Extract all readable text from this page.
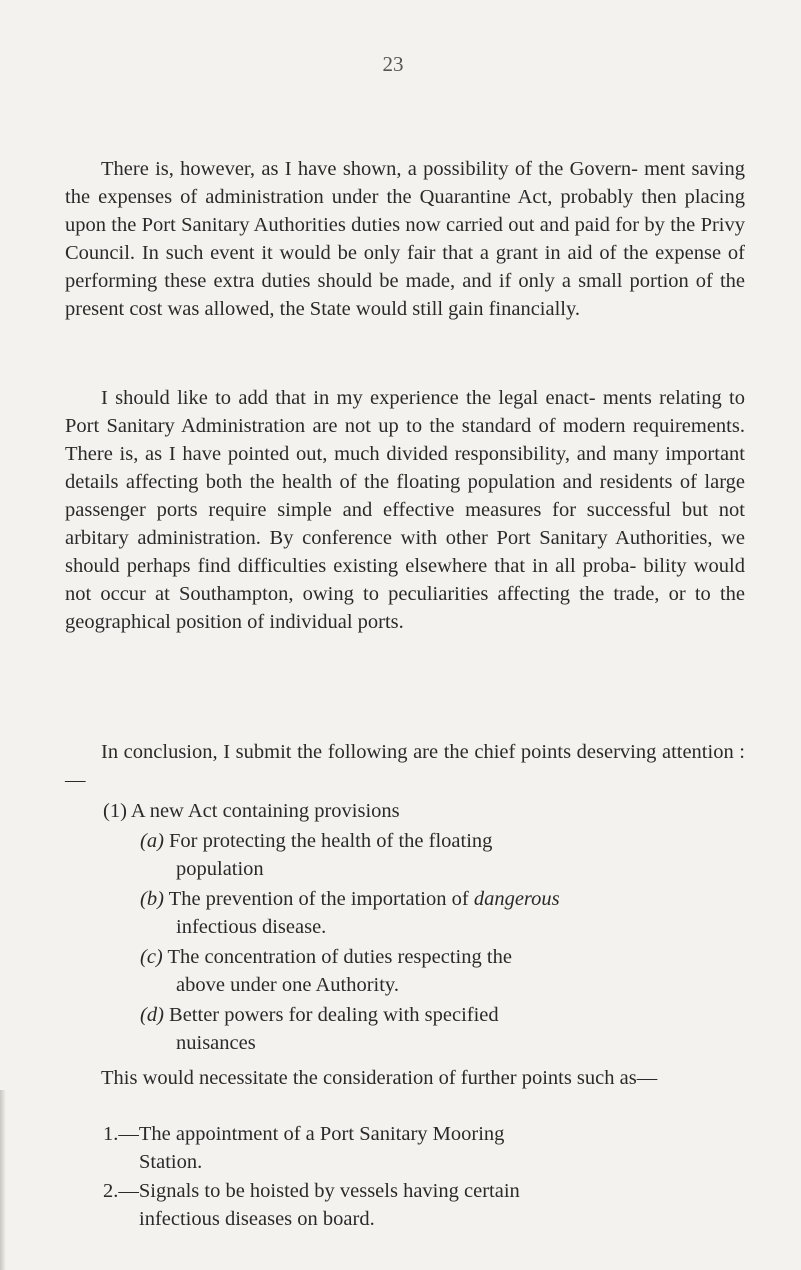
23

There is, however, as I have shown, a possibility of the Govern- ment saving the expenses of administration under the Quarantine Act, probably then placing upon the Port Sanitary Authorities duties now carried out and paid for by the Privy Council. In such event it would be only fair that a grant in aid of the expense of performing these extra duties should be made, and if only a small portion of the present cost was allowed, the State would still gain financially.

I should like to add that in my experience the legal enact- ments relating to Port Sanitary Administration are not up to the standard of modern requirements. There is, as I have pointed out, much divided responsibility, and many important details affecting both the health of the floating population and residents of large passenger ports require simple and effective measures for successful but not arbitary administration. By conference with other Port Sanitary Authorities, we should perhaps find difficulties existing elsewhere that in all proba- bility would not occur at Southampton, owing to peculiarities affecting the trade, or to the geographical position of individual ports.

In conclusion, I submit the following are the chief points deserving attention :—

(1) A new Act containing provisions

(a) For protecting the health of the floating
population

(b) The prevention of the importation of dangerous
infectious disease.

(c) The concentration of duties respecting the
above under one Authority.

(d) Better powers for dealing with specified
nuisances

This would necessitate the consideration of further points such as—

1.—The appointment of a Port Sanitary Mooring
Station.

2.—Signals to be hoisted by vessels having certain
infectious diseases on board.
